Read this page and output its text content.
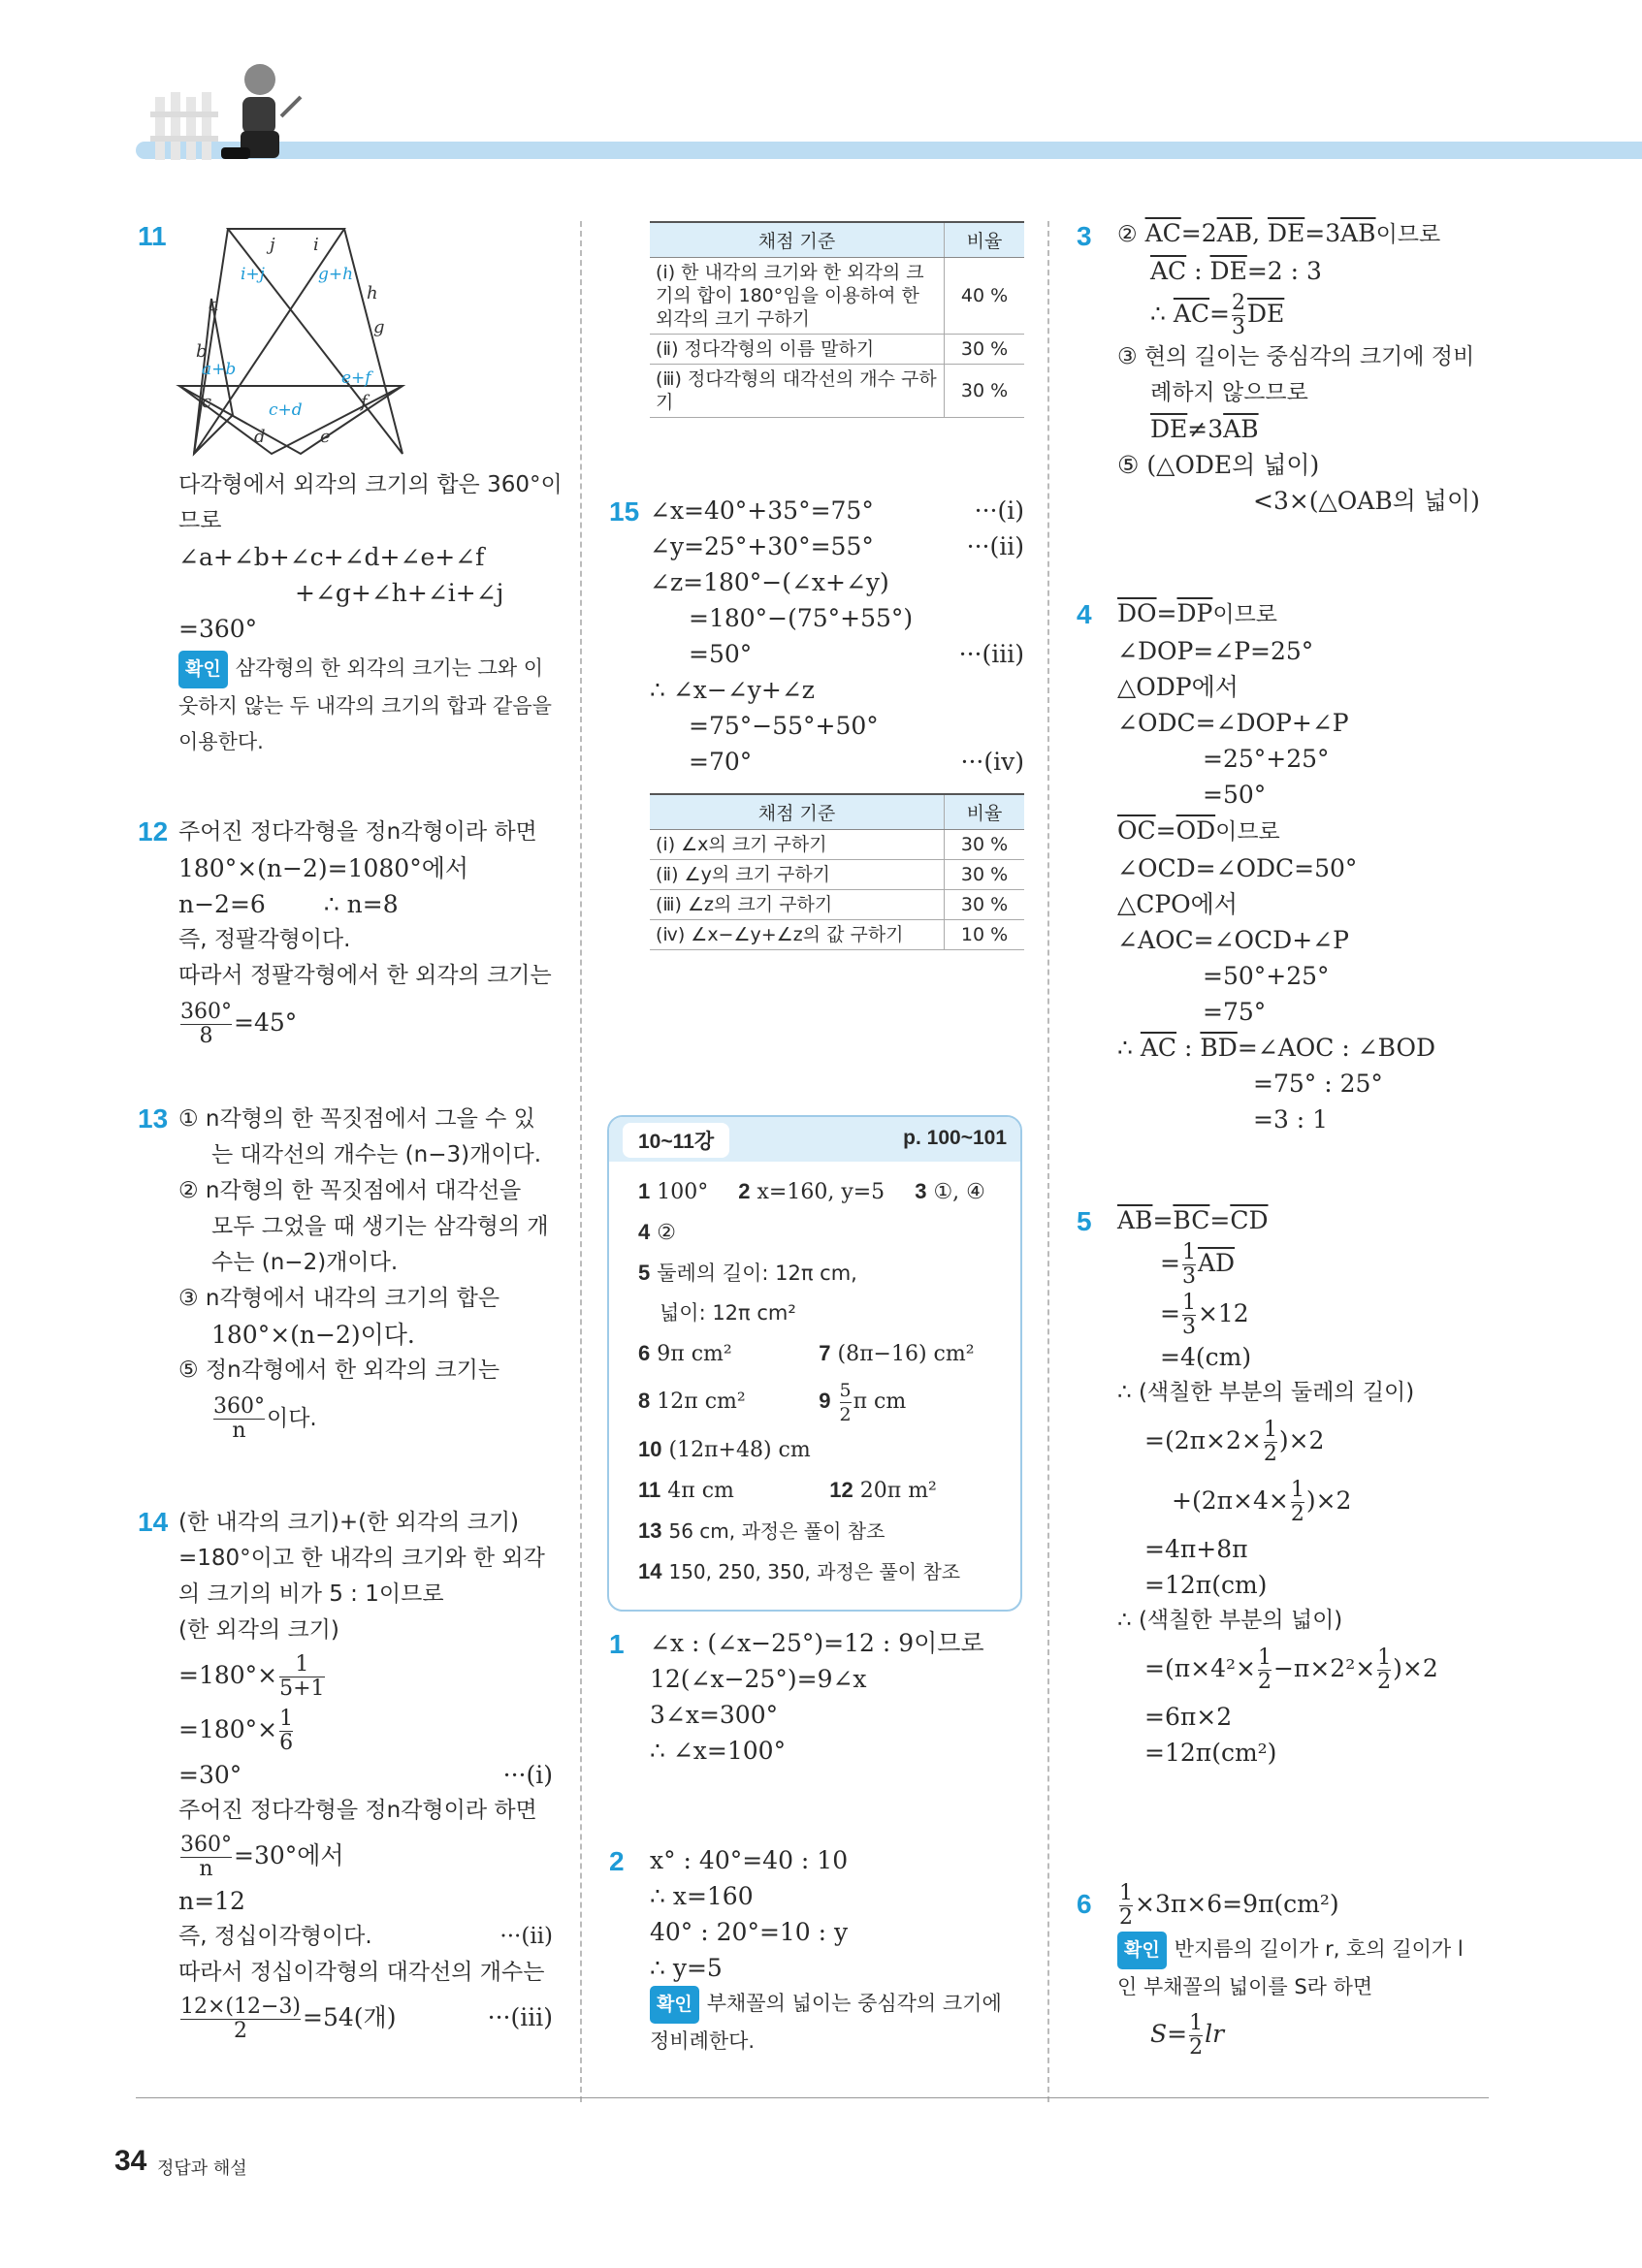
34 정답과 해설
11	j i
a
b
c
d	e
f
g
h
i+j	g+h
a+b
c+d
e+f
다각형에서 외각의 크기의 합은 360°이
므로
∠a+∠b+∠c+∠d+∠e+∠f
+∠g+∠h+∠i+∠j
=360°
확인 삼각형의 한 외각의 크기는 그와 이
웃하지 않는 두 내각의 크기의 합과 같음을
이용한다.
12 주어진 정다각형을 정n각형이라 하면
180°×(n−2)=1080°에서
n−2=6 ∴ n=8
즉, 정팔각형이다.
따라서 정팔각형에서 한 외각의 크기는
$\frac{360^\circ}{8} =45^\circ$
13 ① n각형의 한 꼭짓점에서 그을 수 있
는 대각선의 개수는 (n−3)개이다.
② n각형의 한 꼭짓점에서 대각선을
모두 그었을 때 생기는 삼각형의 개
수는 (n−2)개이다.
③ n각형에서 내각의 크기의 합은
180°×(n−2)이다.
⑤ 정n각형에서 한 외각의 크기는
$\frac{360^\circ}{n}$ 이다.
14 (한 내각의 크기)+(한 외각의 크기)
=180°이고 한 내각의 크기와 한 외각
의 크기의 비가 5 : 1이므로
(한 외각의 크기)
$=180^\circ\times \frac{1}{5+1}$
$=180^\circ\times \frac{1}{6}$
=30°	···(ⅰ)
주어진 정다각형을 정n각형이라 하면
$\frac{360^\circ}{n} =30^\circ$에서
n=12
즉, 정십이각형이다.	···(ⅱ)
따라서 정십이각형의 대각선의 개수는
$\frac{12\times(12-3)}{2} =54$(개)	···(ⅲ)
채점 기준	비율
(ⅰ) 한 내각의 크기와 한 외각의 크기의 합이 180°임을 이용하여 한 외각의 크기 구하기	40 %
(ⅱ) 정다각형의 이름 말하기	30 %
(ⅲ) 정다각형의 대각선의 개수 구하기	30 %
15 ∠x=40°+35°=75°	···(ⅰ)
∠y=25°+30°=55°	···(ⅱ)
∠z=180°−(∠x+∠y)
=180°−(75°+55°)
=50°	···(ⅲ)
∴ ∠x−∠y+∠z
=75°−55°+50°
=70°	···(ⅳ)
채점 기준	비율
(ⅰ) ∠x의 크기 구하기	30 %
(ⅱ) ∠y의 크기 구하기	30 %
(ⅲ) ∠z의 크기 구하기	30 %
(ⅳ) ∠x−∠y+∠z의 값 구하기	10 %
10~11강	p. 100~101
1 100° 2 x=160, y=5 3 ①, ④
4 ②
5 둘레의 길이: 12π cm,
넓이: 12π cm²
6 9π cm²	7 (8π−16) cm²
8 12π cm²	$9 \frac{5}{2}$ π cm
10 (12π+48) cm
11 4π cm	12 20π m²
13 56 cm, 과정은 풀이 참조
14 150, 250, 350, 과정은 풀이 참조
1 ∠x : (∠x−25°)=12 : 9이므로
12(∠x−25°)=9∠x
3∠x=300°
∴ ∠x=100°
2 x° : 40°=40 : 10
∴ x=160
40° : 20°=10 : y
∴ y=5
확인 부채꼴의 넓이는 중심각의 크기에
정비례한다.
3 ② $\overline{AC}=2\overline{AB}$, $\overline{DE}=3\overline{AB}$이므로
$\overline{AC}$ : $\overline{DE}=2$ : 3
∴ $\overline{AC}= \frac{2}{3} \overline{DE}$
③ 현의 길이는 중심각의 크기에 정비
례하지 않으므로
$\overline{DE}\ne 3\overline{AB}$
⑤ (△ODE의 넓이)
<3×(△OAB의 넓이)
4 $\overline{DO}=\overline{DP}$이므로
∠DOP=∠P=25°
△ODP에서
∠ODC=∠DOP+∠P
=25°+25°
=50°
$\overline{OC}=\overline{OD}$이므로
∠OCD=∠ODC=50°
△CPO에서
∠AOC=∠OCD+∠P
=50°+25°
=75°
∴ $\overline{AC}$ : $\overline{BD}=\angle AOC$ : ∠BOD
=75° : 25°
=3 : 1
5 $\overline{AB}=\overline{BC}=\overline{CD}$
= $\frac{1}{3} \overline{AD}$
= $\frac{1}{3} \times 12$
=4(cm)
∴ (색칠한 부분의 둘레의 길이)
$=(2\pi\times 2\times \frac{1}{2} )\times 2$
$+(2\pi\times 4\times \frac{1}{2} )\times 2$
=4π+8π
=12π(cm)
∴ (색칠한 부분의 넓이)
$=(\pi\times 4^2\times \frac{1}{2} -\pi\times 2^2\times \frac{1}{2} )\times 2$
=6π×2
=12π(cm²)
$6 \frac{1}{2} \times 3\pi\times 6=9\pi(cm^2)$
확인 반지름의 길이가 r, 호의 길이가 l
인 부채꼴의 넓이를 S라 하면
$S= \frac{1}{2}$ lr
